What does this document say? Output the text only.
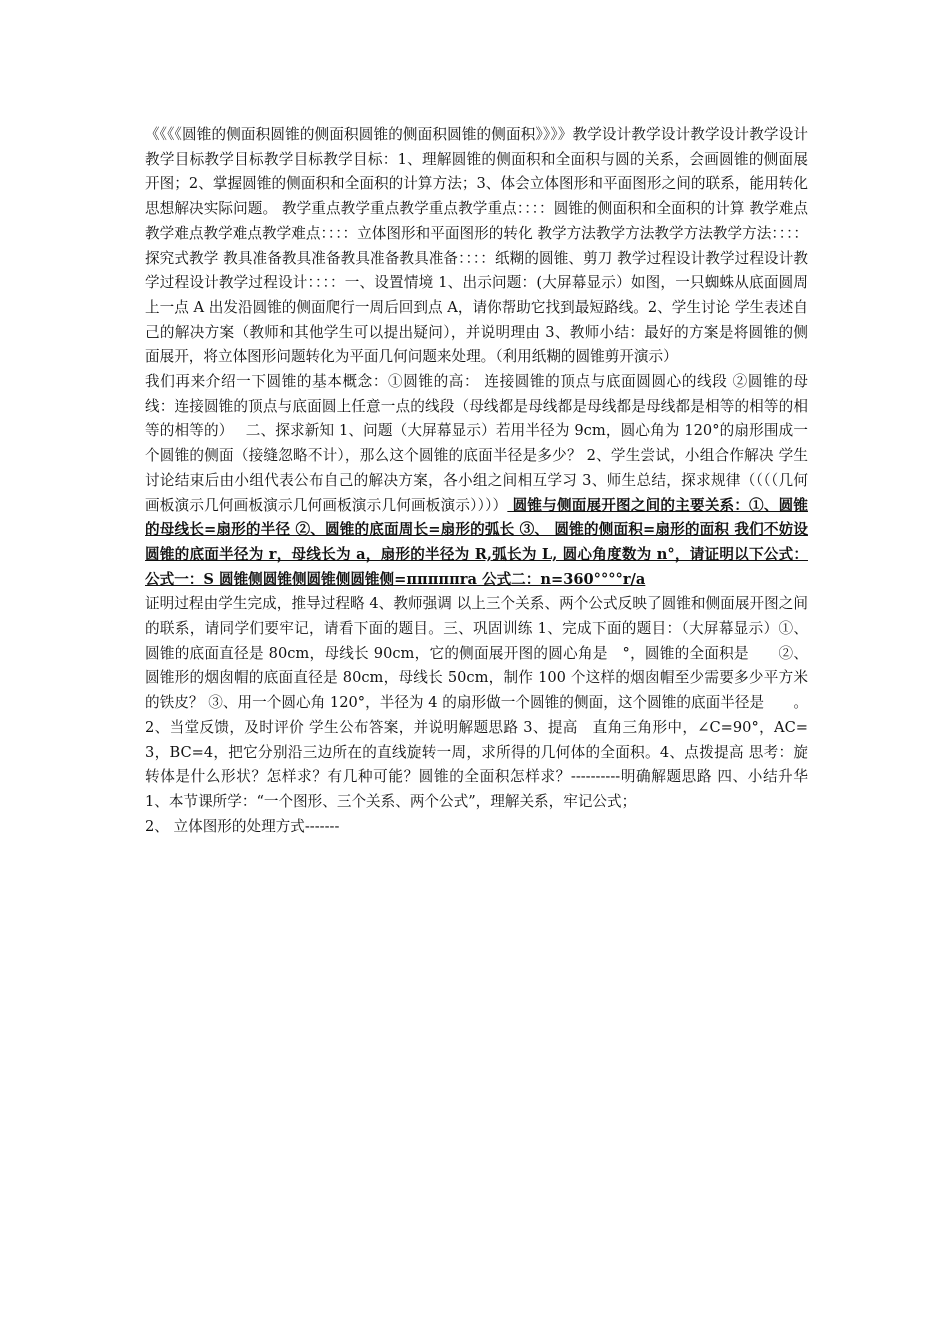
《《《《圆锥的侧面积圆锥的侧面积圆锥的侧面积圆锥的侧面积》》》》教学设计教学设计教学设计教学设计 教学目标教学目标教学目标教学目标：1、理解圆锥的侧面积和全面积与圆的关系，会画圆锥的侧面展开图；2、掌握圆锥的侧面积和全面积的计算方法；3、体会立体图形和平面图形之间的联系，能用转化思想解决实际问题。 教学重点教学重点教学重点教学重点：：：：圆锥的侧面积和全面积的计算 教学难点教学难点教学难点教学难点：：：：立体图形和平面图形的转化 教学方法教学方法教学方法教学方法：：：：探究式教学 教具准备教具准备教具准备教具准备：：：：纸糊的圆锥、剪刀 教学过程设计教学过程设计教学过程设计教学过程设计：：：：一、设置情境 1、出示问题：(大屏幕显示）如图，一只蜘蛛从底面圆周上一点 A 出发沿圆锥的侧面爬行一周后回到点 A，请你帮助它找到最短路线。2、学生讨论 学生表述自己的解决方案（教师和其他学生可以提出疑问），并说明理由 3、教师小结：最好的方案是将圆锥的侧面展开，将立体图形问题转化为平面几何问题来处理。（利用纸糊的圆锥剪开演示）

我们再来介绍一下圆锥的基本概念：①圆锥的高： 连接圆锥的顶点与底面圆圆心的线段 ②圆锥的母线：连接圆锥的顶点与底面圆上任意一点的线段（母线都是母线都是母线都是母线都是相等的相等的相等的相等的）　 二、探求新知 1、问题（大屏幕显示）若用半径为 9cm，圆心角为 120°的扇形围成一个圆锥的侧面（接缝忽略不计），那么这个圆锥的底面半径是多少？ 2、学生尝试，小组合作解决 学生讨论结束后由小组代表公布自己的解决方案，各小组之间相互学习 3、师生总结，探求规律（（（（几何画板演示几何画板演示几何画板演示几何画板演示）））） 圆锥与侧面展开图之间的主要关系：①、圆锥的母线长=扇形的半径 ②、圆锥的底面周长=扇形的弧长 ③、 圆锥的侧面积=扇形的面积 我们不妨设圆锥的底面半径为 r，母线长为 a，扇形的半径为 R,弧长为 L, 圆心角度数为 n°，请证明以下公式：公式一：S 圆锥侧圆锥侧圆锥侧圆锥侧=πππππra 公式二：n=360°°°°r/a

证明过程由学生完成，推导过程略 4、教师强调 以上三个关系、两个公式反映了圆锥和侧面展开图之间的联系，请同学们要牢记，请看下面的题目。三、巩固训练 1、完成下面的题目：（大屏幕显示）①、圆锥的底面直径是 80cm，母线长 90cm，它的侧面展开图的圆心角是　°，圆锥的全面积是　　②、圆锥形的烟囱帽的底面直径是 80cm，母线长 50cm，制作 100 个这样的烟囱帽至少需要多少平方米的铁皮？ ③、用一个圆心角 120°，半径为 4 的扇形做一个圆锥的侧面，这个圆锥的底面半径是　　。2、当堂反馈，及时评价 学生公布答案，并说明解题思路 3、提高　直角三角形中，∠C=90°，AC=3，BC=4，把它分别沿三边所在的直线旋转一周，求所得的几何体的全面积。4、点拨提高 思考：旋转体是什么形状？怎样求？有几种可能？圆锥的全面积怎样求？----------明确解题思路 四、小结升华 1、本节课所学：“一个图形、三个关系、两个公式”，理解关系，牢记公式；

2、 立体图形的处理方式-------
